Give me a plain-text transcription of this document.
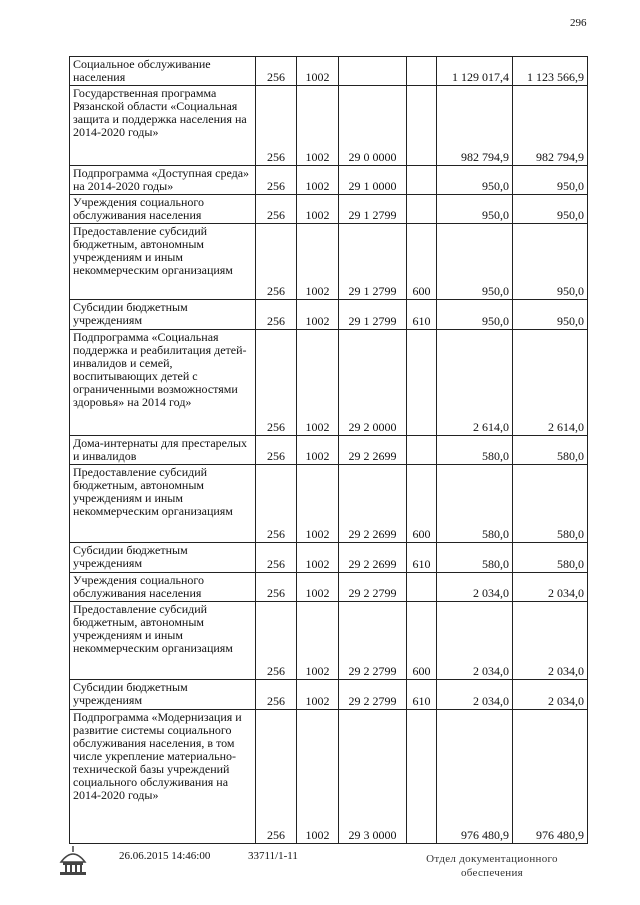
296
Социальное обслуживание населения	256	1002			1 129 017,4	1 123 566,9
Государственная программа Рязанской области «Социальная защита и поддержка населения на 2014-2020 годы»	256	1002	29 0 0000		982 794,9	982 794,9
Подпрограмма «Доступная среда» на 2014-2020 годы»	256	1002	29 1 0000		950,0	950,0
Учреждения социального обслуживания населения	256	1002	29 1 2799		950,0	950,0
Предоставление субсидий бюджетным, автономным учреждениям и иным некоммерческим организациям	256	1002	29 1 2799	600	950,0	950,0
Субсидии бюджетным учреждениям	256	1002	29 1 2799	610	950,0	950,0
Подпрограмма «Социальная поддержка и реабилитация детей-инвалидов и семей, воспитывающих детей с ограниченными возможностями здоровья» на 2014 год»	256	1002	29 2 0000		2 614,0	2 614,0
Дома-интернаты для престарелых и инвалидов	256	1002	29 2 2699		580,0	580,0
Предоставление субсидий бюджетным, автономным учреждениям и иным некоммерческим организациям	256	1002	29 2 2699	600	580,0	580,0
Субсидии бюджетным учреждениям	256	1002	29 2 2699	610	580,0	580,0
Учреждения социального обслуживания населения	256	1002	29 2 2799		2 034,0	2 034,0
Предоставление субсидий бюджетным, автономным учреждениям и иным некоммерческим организациям	256	1002	29 2 2799	600	2 034,0	2 034,0
Субсидии бюджетным учреждениям	256	1002	29 2 2799	610	2 034,0	2 034,0
Подпрограмма «Модернизация и развитие системы социального обслуживания населения, в том числе укрепление материально-технической базы учреждений социального обслуживания на 2014-2020 годы»	256	1002	29 3 0000		976 480,9	976 480,9
26.06.2015 14:46:00	33711/1-11	Отдел документационного обеспечения
